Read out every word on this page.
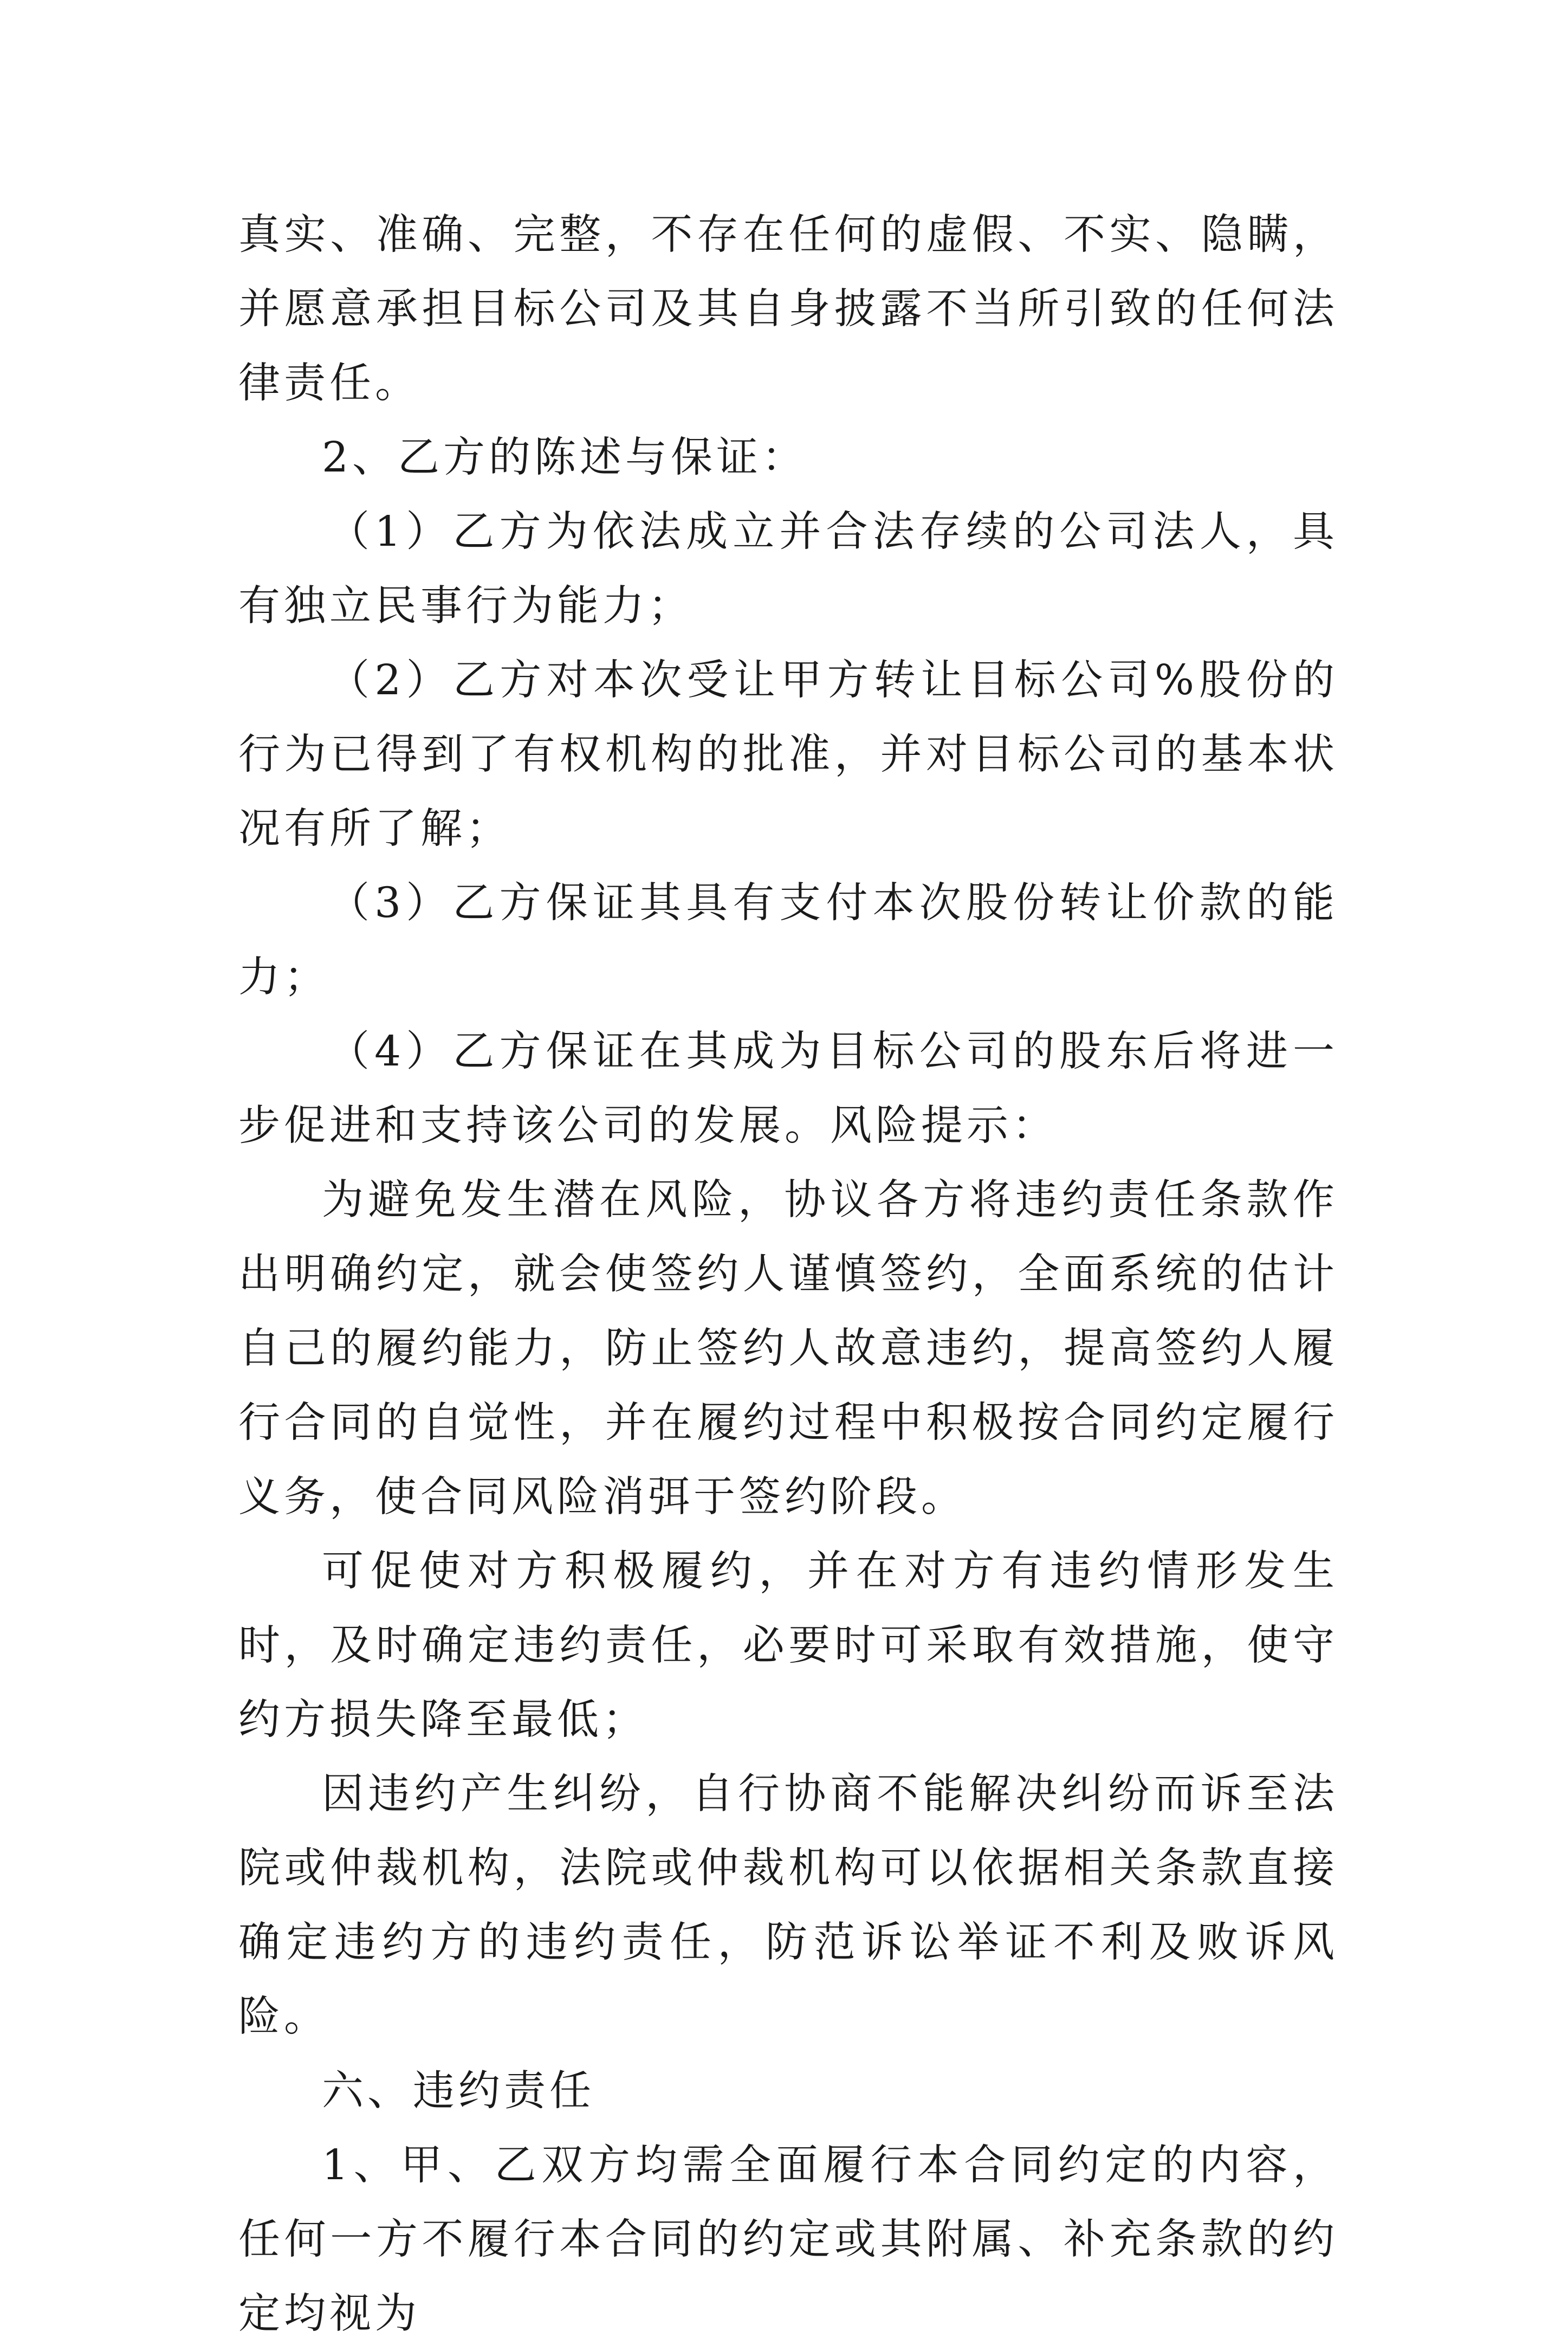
真实、准确、完整，不存在任何的虚假、不实、隐瞒，并愿意承担目标公司及其自身披露不当所引致的任何法律责任。

2、乙方的陈述与保证：

（1）乙方为依法成立并合法存续的公司法人，具有独立民事行为能力；

（2）乙方对本次受让甲方转让目标公司%股份的行为已得到了有权机构的批准，并对目标公司的基本状况有所了解；

（3）乙方保证其具有支付本次股份转让价款的能力；

（4）乙方保证在其成为目标公司的股东后将进一步促进和支持该公司的发展。风险提示：

为避免发生潜在风险，协议各方将违约责任条款作出明确约定，就会使签约人谨慎签约，全面系统的估计自己的履约能力，防止签约人故意违约，提高签约人履行合同的自觉性，并在履约过程中积极按合同约定履行义务，使合同风险消弭于签约阶段。

可促使对方积极履约，并在对方有违约情形发生时，及时确定违约责任，必要时可采取有效措施，使守约方损失降至最低；

因违约产生纠纷，自行协商不能解决纠纷而诉至法院或仲裁机构，法院或仲裁机构可以依据相关条款直接确定违约方的违约责任，防范诉讼举证不利及败诉风险。

六、违约责任

1、甲、乙双方均需全面履行本合同约定的内容，任何一方不履行本合同的约定或其附属、补充条款的约定均视为
